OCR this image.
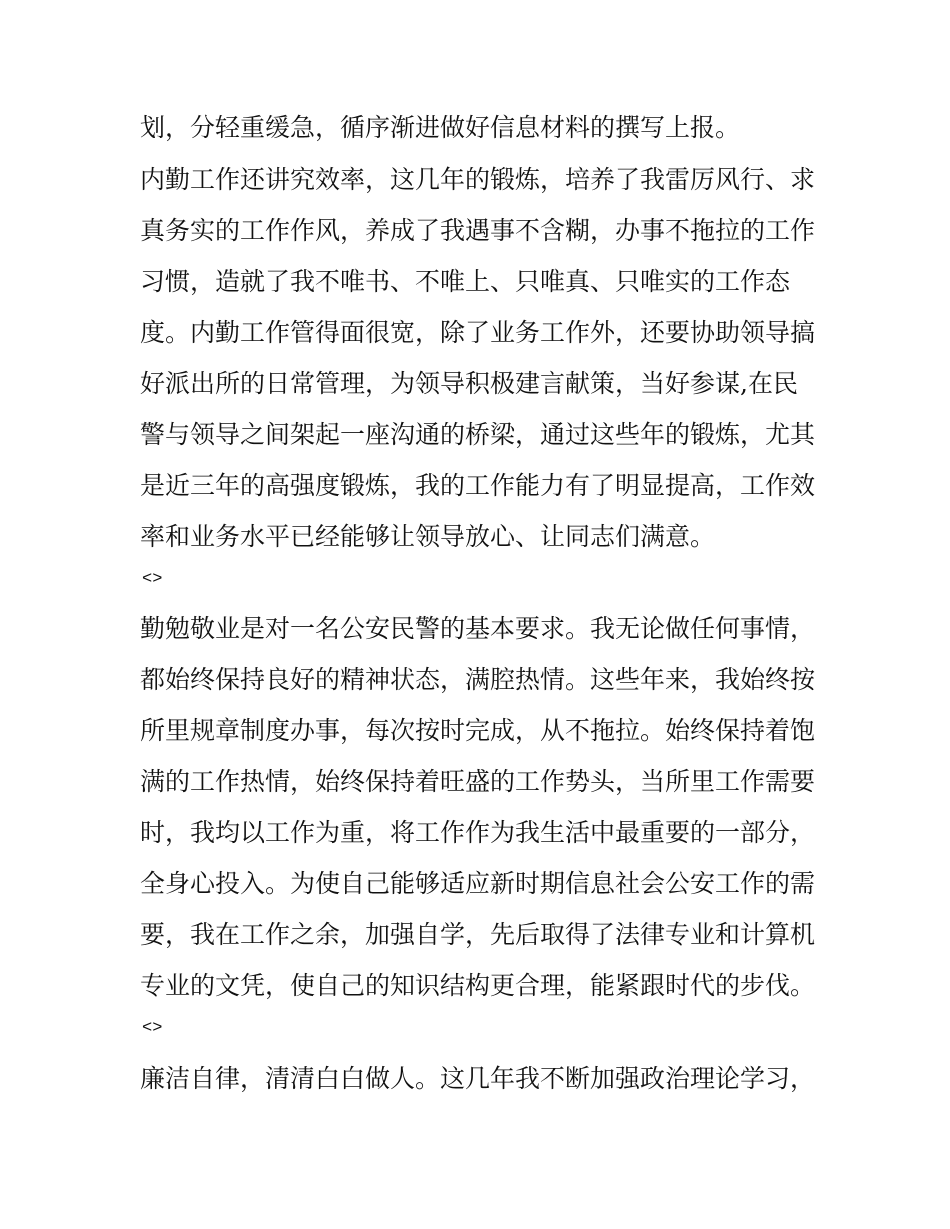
划，分轻重缓急，循序渐进做好信息材料的撰写上报。
内勤工作还讲究效率，这几年的锻炼，培养了我雷厉风行、求
真务实的工作作风，养成了我遇事不含糊，办事不拖拉的工作
习惯，造就了我不唯书、不唯上、只唯真、只唯实的工作态
度。内勤工作管得面很宽，除了业务工作外，还要协助领导搞
好派出所的日常管理，为领导积极建言献策，当好参谋,在民
警与领导之间架起一座沟通的桥梁，通过这些年的锻炼，尤其
是近三年的高强度锻炼，我的工作能力有了明显提高，工作效
率和业务水平已经能够让领导放心、让同志们满意。
<>
勤勉敬业是对一名公安民警的基本要求。我无论做任何事情，
都始终保持良好的精神状态，满腔热情。这些年来，我始终按
所里规章制度办事，每次按时完成，从不拖拉。始终保持着饱
满的工作热情，始终保持着旺盛的工作势头，当所里工作需要
时，我均以工作为重，将工作作为我生活中最重要的一部分，
全身心投入。为使自己能够适应新时期信息社会公安工作的需
要，我在工作之余，加强自学，先后取得了法律专业和计算机
专业的文凭，使自己的知识结构更合理，能紧跟时代的步伐。
<>
廉洁自律，清清白白做人。这几年我不断加强政治理论学习，
